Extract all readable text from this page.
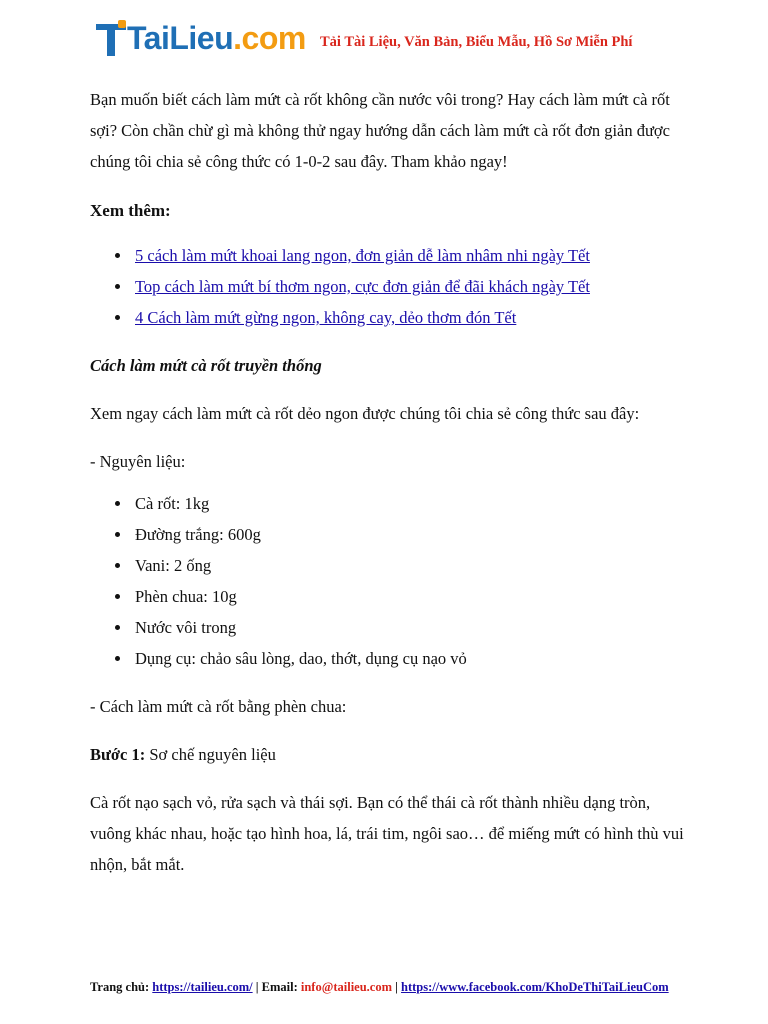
TaiLieu.com Tải Tài Liệu, Văn Bản, Biểu Mẫu, Hồ Sơ Miễn Phí

Bạn muốn biết cách làm mứt cà rốt không cần nước vôi trong? Hay cách làm mứt cà rốt sợi? Còn chần chừ gì mà không thử ngay hướng dẫn cách làm mứt cà rốt đơn giản được chúng tôi chia sẻ công thức có 1-0-2 sau đây. Tham khảo ngay!

Xem thêm:

5 cách làm mứt khoai lang ngon, đơn giản dễ làm nhâm nhi ngày Tết
Top cách làm mứt bí thơm ngon, cực đơn giản để đãi khách ngày Tết
4 Cách làm mứt gừng ngon, không cay, dẻo thơm đón Tết

Cách làm mứt cà rốt truyền thống

Xem ngay cách làm mứt cà rốt dẻo ngon được chúng tôi chia sẻ công thức sau đây:

- Nguyên liệu:

Cà rốt: 1kg
Đường trắng: 600g
Vani: 2 ống
Phèn chua: 10g
Nước vôi trong
Dụng cụ: chảo sâu lòng, dao, thớt, dụng cụ nạo vỏ

- Cách làm mứt cà rốt bằng phèn chua:

Bước 1: Sơ chế nguyên liệu

Cà rốt nạo sạch vỏ, rửa sạch và thái sợi. Bạn có thể thái cà rốt thành nhiều dạng tròn, vuông khác nhau, hoặc tạo hình hoa, lá, trái tim, ngôi sao… để miếng mứt có hình thù vui nhộn, bắt mắt.

Trang chủ: https://tailieu.com/ | Email: info@tailieu.com | https://www.facebook.com/KhoDeThiTaiLieuCom
